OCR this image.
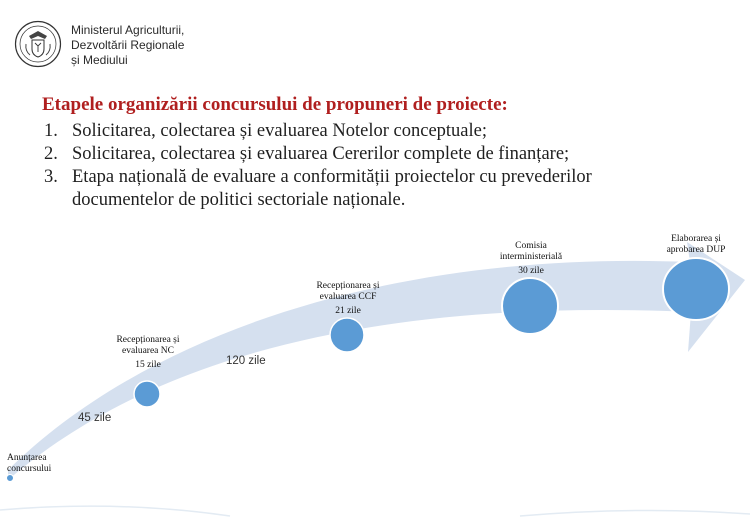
Ministerul Agriculturii,
Dezvoltării Regionale
și Mediului
Etapele organizării concursului de propuneri de proiecte:
1. Solicitarea, colectarea și evaluarea Notelor conceptuale;
2. Solicitarea, colectarea și evaluarea Cererilor complete de finanțare;
3. Etapa națională de evaluare a conformității proiectelor cu prevederilor documentelor de politici sectoriale naționale.
Anunțarea
concursului
Recepționarea și
evaluarea NC
15 zile
Recepționarea și
evaluarea CCF
21 zile
Comisia
interministerială
30 zile
Elaborarea și
aprobarea DUP
45 zile
120 zile
